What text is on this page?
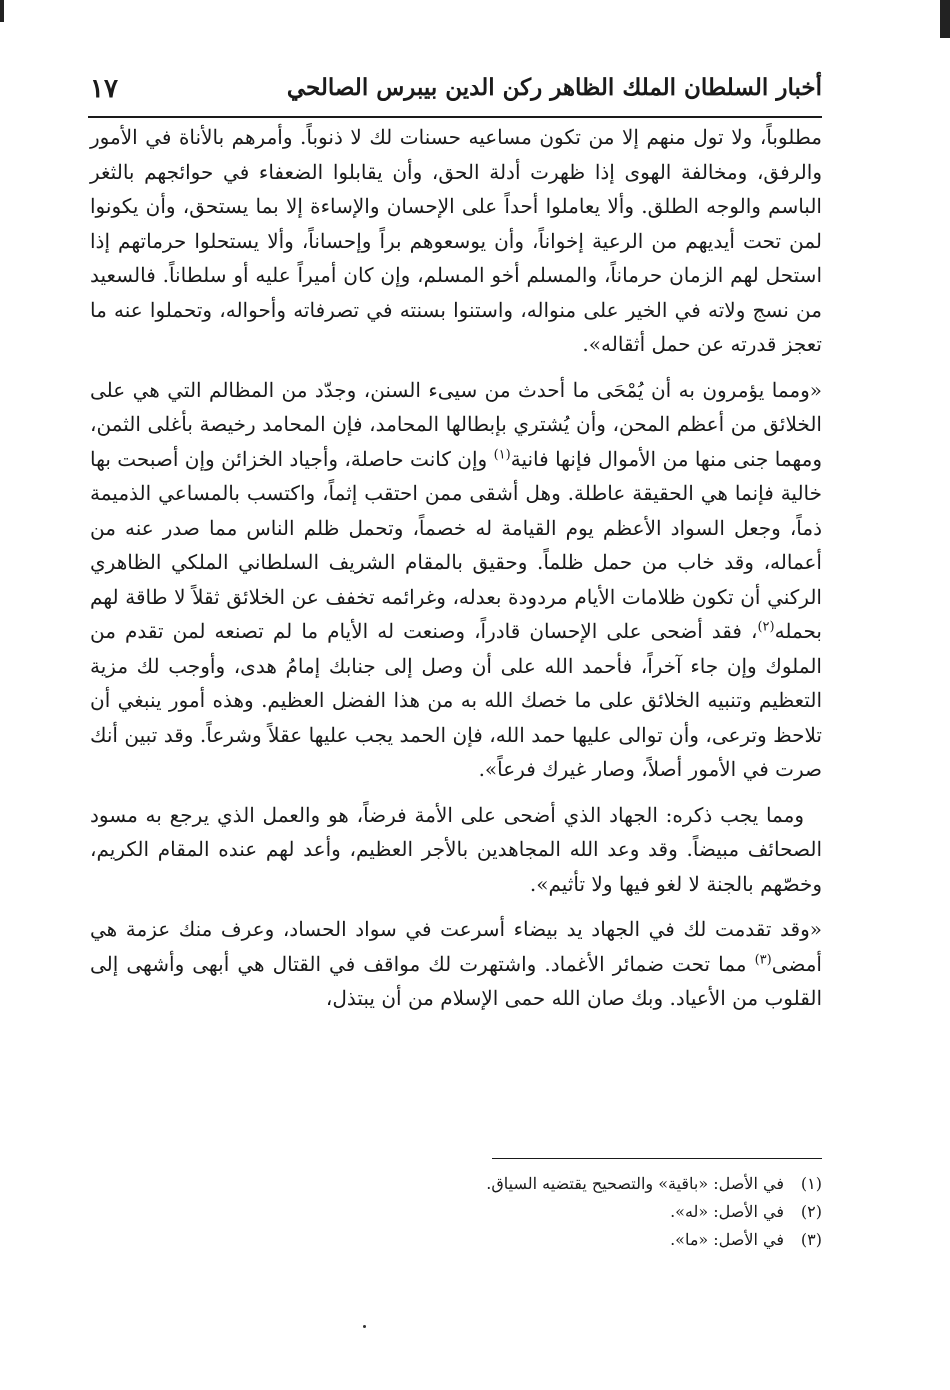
أخبار السلطان الملك الظاهر ركن الدين بيبرس الصالحي
١٧

مطلوباً، ولا تول منهم إلا من تكون مساعيه حسنات لك لا ذنوباً. وأمرهم بالأناة في الأمور والرفق، ومخالفة الهوى إذا ظهرت أدلة الحق، وأن يقابلوا الضعفاء في حوائجهم بالثغر الباسم والوجه الطلق. وألا يعاملوا أحداً على الإحسان والإساءة إلا بما يستحق، وأن يكونوا لمن تحت أيديهم من الرعية إخواناً، وأن يوسعوهم براً وإحساناً، وألا يستحلوا حرماتهم إذا استحل لهم الزمان حرماناً، والمسلم أخو المسلم، وإن كان أميراً عليه أو سلطاناً. فالسعيد من نسج ولاته في الخير على منواله، واستنوا بسنته في تصرفاته وأحواله، وتحملوا عنه ما تعجز قدرته عن حمل أثقاله».

«ومما يؤمرون به أن يُمْحَى ما أحدث من سيىء السنن، وجدّد من المظالم التي هي على الخلائق من أعظم المحن، وأن يُشتري بإبطالها المحامد، فإن المحامد رخيصة بأغلى الثمن، ومهما جنى منها من الأموال فإنها فانية$^{(١)}$ وإن كانت حاصلة، وأجياد الخزائن وإن أصبحت بها خالية فإنما هي الحقيقة عاطلة. وهل أشقى ممن احتقب إثماً، واكتسب بالمساعي الذميمة ذماً، وجعل السواد الأعظم يوم القيامة له خصماً، وتحمل ظلم الناس مما صدر عنه من أعماله، وقد خاب من حمل ظلماً. وحقيق بالمقام الشريف السلطاني الملكي الظاهري الركني أن تكون ظلامات الأيام مردودة بعدله، وغرائمه تخفف عن الخلائق ثقلاً لا طاقة لهم بحمله$^{(٢)}$، فقد أضحى على الإحسان قادراً، وصنعت له الأيام ما لم تصنعه لمن تقدم من الملوك وإن جاء آخراً، فأحمد الله على أن وصل إلى جنابك إمامُ هدى، وأوجب لك مزية التعظيم وتنبيه الخلائق على ما خصك الله به من هذا الفضل العظيم. وهذه أمور ينبغي أن تلاحظ وترعى، وأن توالى عليها حمد الله، فإن الحمد يجب عليها عقلاً وشرعاً. وقد تبين أنك صرت في الأمور أصلاً، وصار غيرك فرعاً».

ومما يجب ذكره: الجهاد الذي أضحى على الأمة فرضاً، هو والعمل الذي يرجع به مسود الصحائف مبيضاً. وقد وعد الله المجاهدين بالأجر العظيم، وأعد لهم عنده المقام الكريم، وخصّهم بالجنة لا لغو فيها ولا تأثيم».

«وقد تقدمت لك في الجهاد يد بيضاء أسرعت في سواد الحساد، وعرف منك عزمة هي أمضى$^{(٣)}$ مما تحت ضمائر الأغماد. واشتهرت لك مواقف في القتال هي أبهى وأشهى إلى القلوب من الأعياد. وبك صان الله حمى الإسلام من أن يبتذل،

(١)في الأصل: «باقية» والتصحيح يقتضيه السياق.
(٢)في الأصل: «له».
(٣)في الأصل: «ما».
